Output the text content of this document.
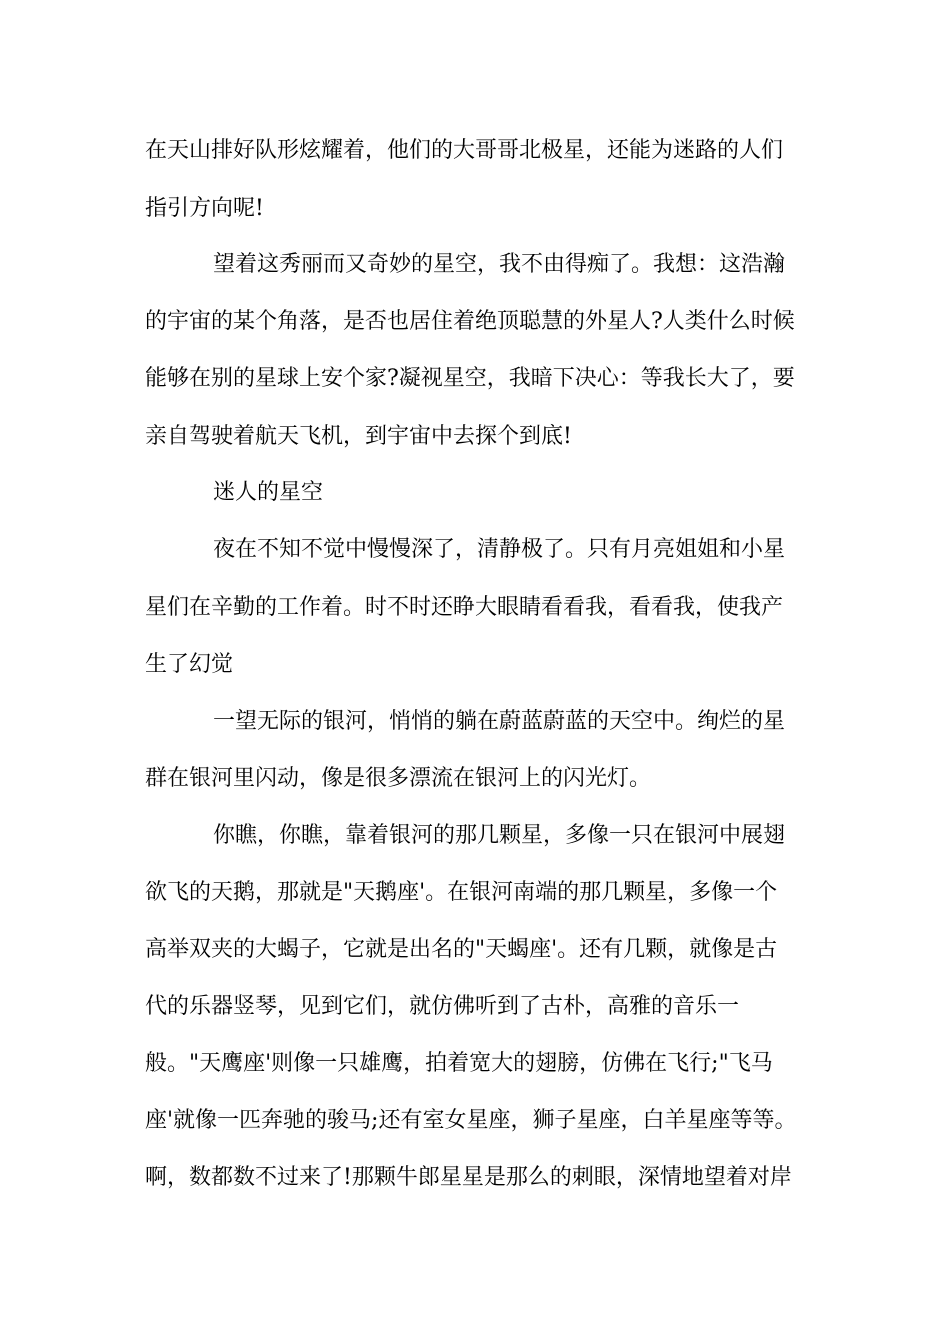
在天山排好队形炫耀着，他们的大哥哥北极星，还能为迷路的人们
指引方向呢!
望着这秀丽而又奇妙的星空，我不由得痴了。我想：这浩瀚
的宇宙的某个角落，是否也居住着绝顶聪慧的外星人?人类什么时候
能够在别的星球上安个家?凝视星空，我暗下决心：等我长大了，要
亲自驾驶着航天飞机，到宇宙中去探个到底!
迷人的星空
夜在不知不觉中慢慢深了，清静极了。只有月亮姐姐和小星
星们在辛勤的工作着。时不时还睁大眼睛看看我，看看我，使我产
生了幻觉
一望无际的银河，悄悄的躺在蔚蓝蔚蓝的天空中。绚烂的星
群在银河里闪动，像是很多漂流在银河上的闪光灯。
你瞧，你瞧，靠着银河的那几颗星，多像一只在银河中展翅
欲飞的天鹅，那就是"天鹅座'。在银河南端的那几颗星，多像一个
高举双夹的大蝎子，它就是出名的"天蝎座'。还有几颗，就像是古
代的乐器竖琴，见到它们，就仿佛听到了古朴，高雅的音乐一
般。"天鹰座'则像一只雄鹰，拍着宽大的翅膀，仿佛在飞行;"飞马
座'就像一匹奔驰的骏马;还有室女星座，狮子星座，白羊星座等等。
啊，数都数不过来了!那颗牛郎星星是那么的刺眼，深情地望着对岸
